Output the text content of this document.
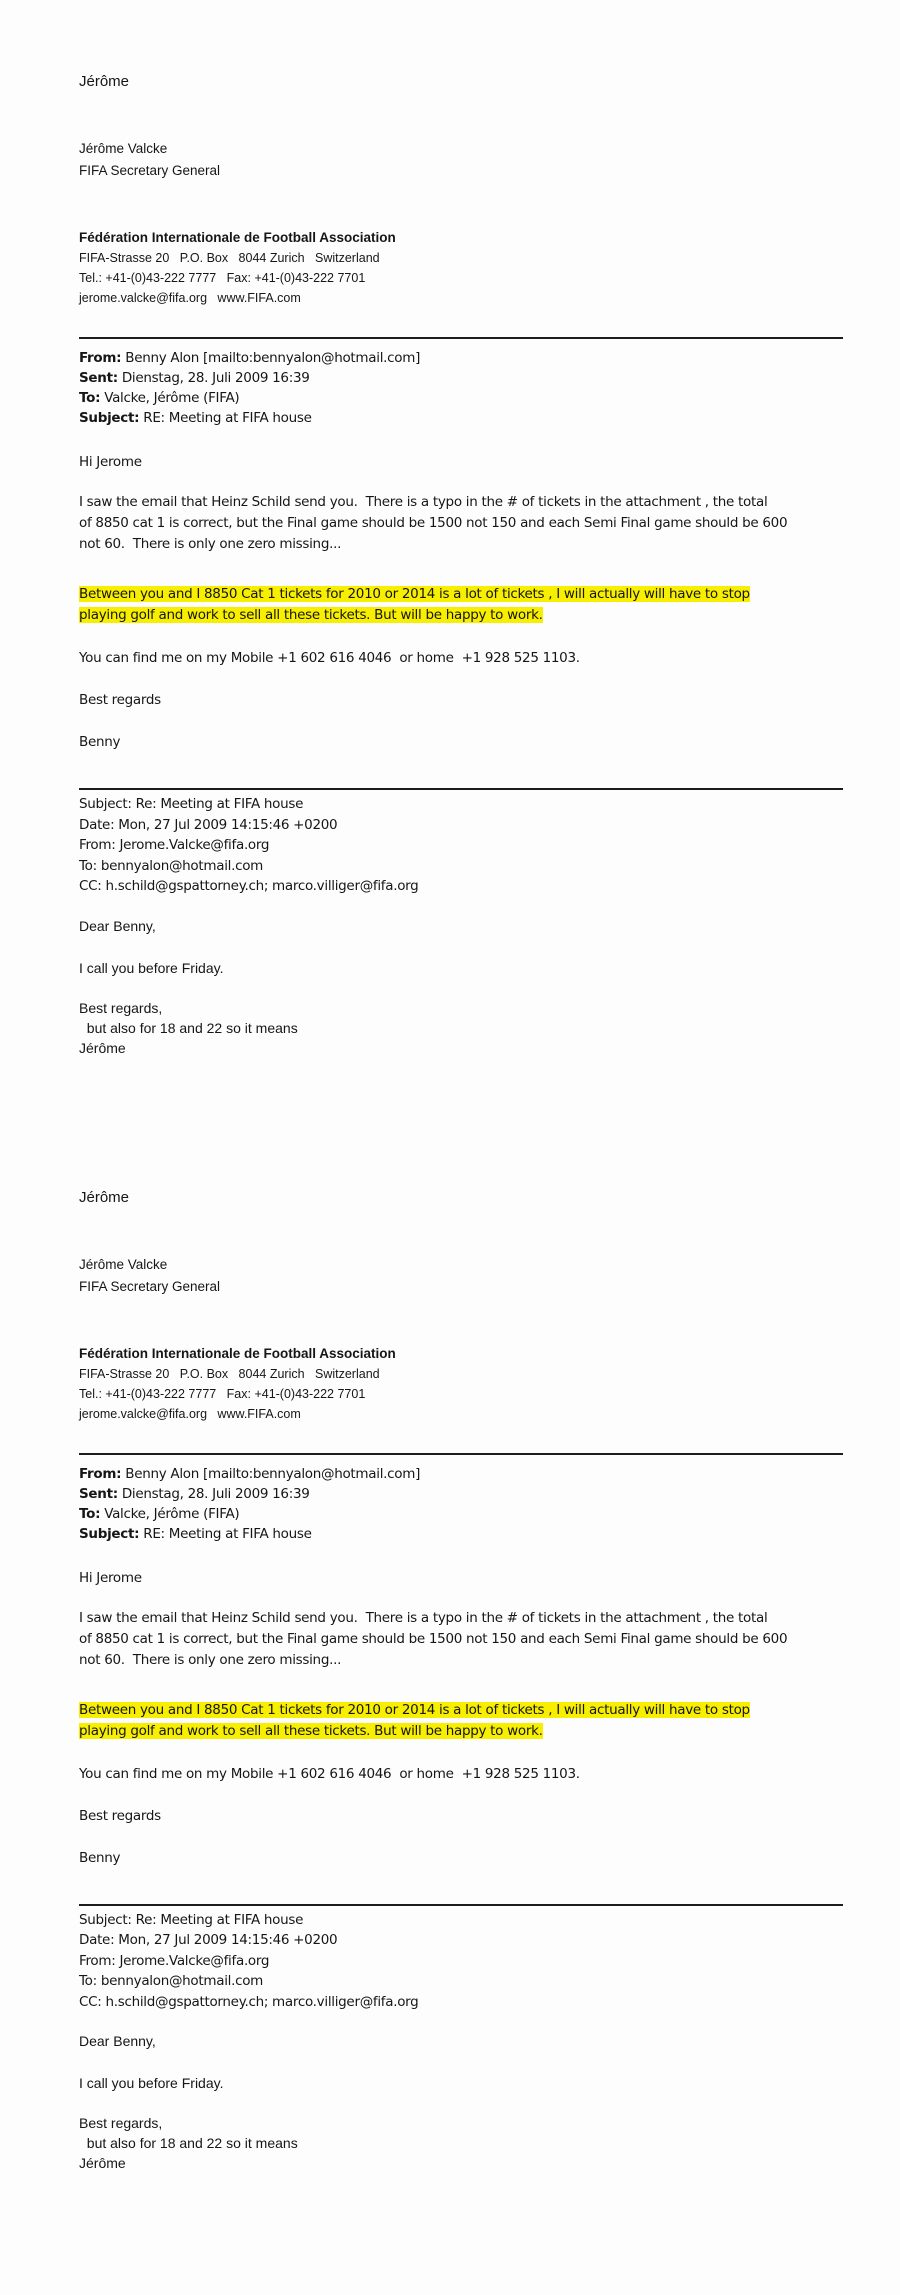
Jérôme
Jérôme Valcke
FIFA Secretary General
Fédération Internationale de Football Association
FIFA-Strasse 20   P.O. Box   8044 Zurich   Switzerland
Tel.: +41-(0)43-222 7777   Fax: +41-(0)43-222 7701
jerome.valcke@fifa.org   www.FIFA.com
From: Benny Alon [mailto:bennyalon@hotmail.com]
Sent: Dienstag, 28. Juli 2009 16:39
To: Valcke, Jérôme (FIFA)
Subject: RE: Meeting at FIFA house
Hi Jerome
I saw the email that Heinz Schild send you.  There is a typo in the # of tickets in the attachment , the total
of 8850 cat 1 is correct, but the Final game should be 1500 not 150 and each Semi Final game should be 600
not 60.  There is only one zero missing...
Between you and I 8850 Cat 1 tickets for 2010 or 2014 is a lot of tickets , I will actually will have to stop
playing golf and work to sell all these tickets. But will be happy to work.
You can find me on my Mobile +1 602 616 4046  or home  +1 928 525 1103.
Best regards
Benny
Subject: Re: Meeting at FIFA house
Date: Mon, 27 Jul 2009 14:15:46 +0200
From: Jerome.Valcke@fifa.org
To: bennyalon@hotmail.com
CC: h.schild@gspattorney.ch; marco.villiger@fifa.org
Dear Benny,
I call you before Friday.
Best regards,
but also for 18 and 22 so it means
Jérôme
Jérôme
Jérôme Valcke
FIFA Secretary General
Fédération Internationale de Football Association
FIFA-Strasse 20   P.O. Box   8044 Zurich   Switzerland
Tel.: +41-(0)43-222 7777   Fax: +41-(0)43-222 7701
jerome.valcke@fifa.org   www.FIFA.com
From: Benny Alon [mailto:bennyalon@hotmail.com]
Sent: Dienstag, 28. Juli 2009 16:39
To: Valcke, Jérôme (FIFA)
Subject: RE: Meeting at FIFA house
Hi Jerome
I saw the email that Heinz Schild send you.  There is a typo in the # of tickets in the attachment , the total
of 8850 cat 1 is correct, but the Final game should be 1500 not 150 and each Semi Final game should be 600
not 60.  There is only one zero missing...
Between you and I 8850 Cat 1 tickets for 2010 or 2014 is a lot of tickets , I will actually will have to stop
playing golf and work to sell all these tickets. But will be happy to work.
You can find me on my Mobile +1 602 616 4046  or home  +1 928 525 1103.
Best regards
Benny
Subject: Re: Meeting at FIFA house
Date: Mon, 27 Jul 2009 14:15:46 +0200
From: Jerome.Valcke@fifa.org
To: bennyalon@hotmail.com
CC: h.schild@gspattorney.ch; marco.villiger@fifa.org
Dear Benny,
I call you before Friday.
Best regards,
but also for 18 and 22 so it means
Jérôme
